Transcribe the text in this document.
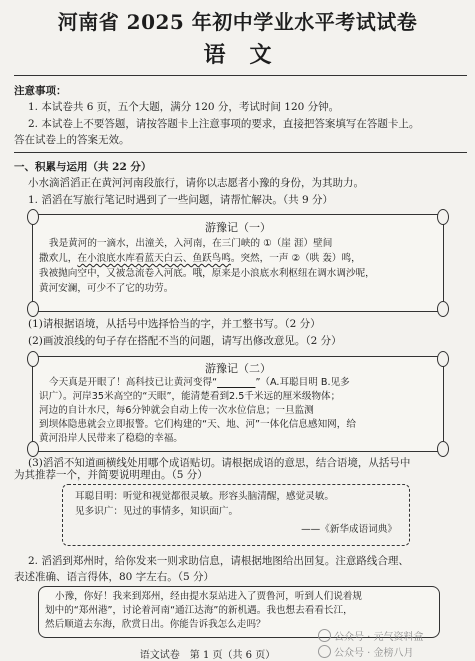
河南省 2025 年初中学业水平考试试卷
语文
注意事项：
1. 本试卷共 6 页，五个大题，满分 120 分，考试时间 120 分钟。
2. 本试卷上不要答题，请按答题卡上注意事项的要求，直接把答案填写在答题卡上。
答在试卷上的答案无效。
一、积累与运用（共 22 分）
小水滴滔滔正在黄河河南段旅行，请你以志愿者小豫的身份，为其助力。
1. 滔滔在写旅行笔记时遇到了一些问题，请帮忙解决。（共 9 分）
游豫记（一）
我是黄河的一滴水，出潼关，入河南，在三门峡的 ①（崖 涯）壁间
撒欢儿，在小浪底水库看蓝天白云、鱼跃鸟鸣。突然，一声 ②（哄 轰）鸣，
我被抛向空中，又被急流卷入河底。哦，原来是小浪底水利枢纽在调水调沙呢，
黄河安澜，可少不了它的功劳。
(1)请根据语境，从括号中选择恰当的字，并工整书写。（2 分）
(2)画波浪线的句子存在搭配不当的问题，请写出修改意见。（2 分）
游豫记（二）
今天真是开眼了！高科技已让黄河变得“　　　　	”（A.耳聪目明 B.见多
识广）。河岸35米高空的“天眼”，能清楚看到2.5千米远的厘米级物体；
河边的自计水尺，每6分钟就会自动上传一次水位信息；一旦监测
到坝体隐患就会立即报警。它们构建的“天、地、河”一体化信息感知网，给
黄河沿岸人民带来了稳稳的幸福。
(3)滔滔不知道画横线处用哪个成语贴切。请根据成语的意思，结合语境，从括号中
为其推荐一个，并简要说明理由。（5 分）
耳聪目明：听觉和视觉都很灵敏。形容头脑清醒，感觉灵敏。
见多识广：见过的事情多，知识面广。
——《新华成语词典》
2. 滔滔到郑州时，给你发来一则求助信息，请根据地图给出回复。注意路线合理、
表述准确、语言得体，80 字左右。（5 分）
小豫，你好！我来到郑州，经由提水泵站进入了贾鲁河，听到人们说着规
划中的“郑州港”，讨论着河南“通江达海”的新机遇。我也想去看看长江，
然后顺道去东海，欣赏日出。你能告诉我怎么走吗？
公众号 · 元气资料盒
公众号 · 金榜八月
语文试卷　第 1 页（共 6 页）
